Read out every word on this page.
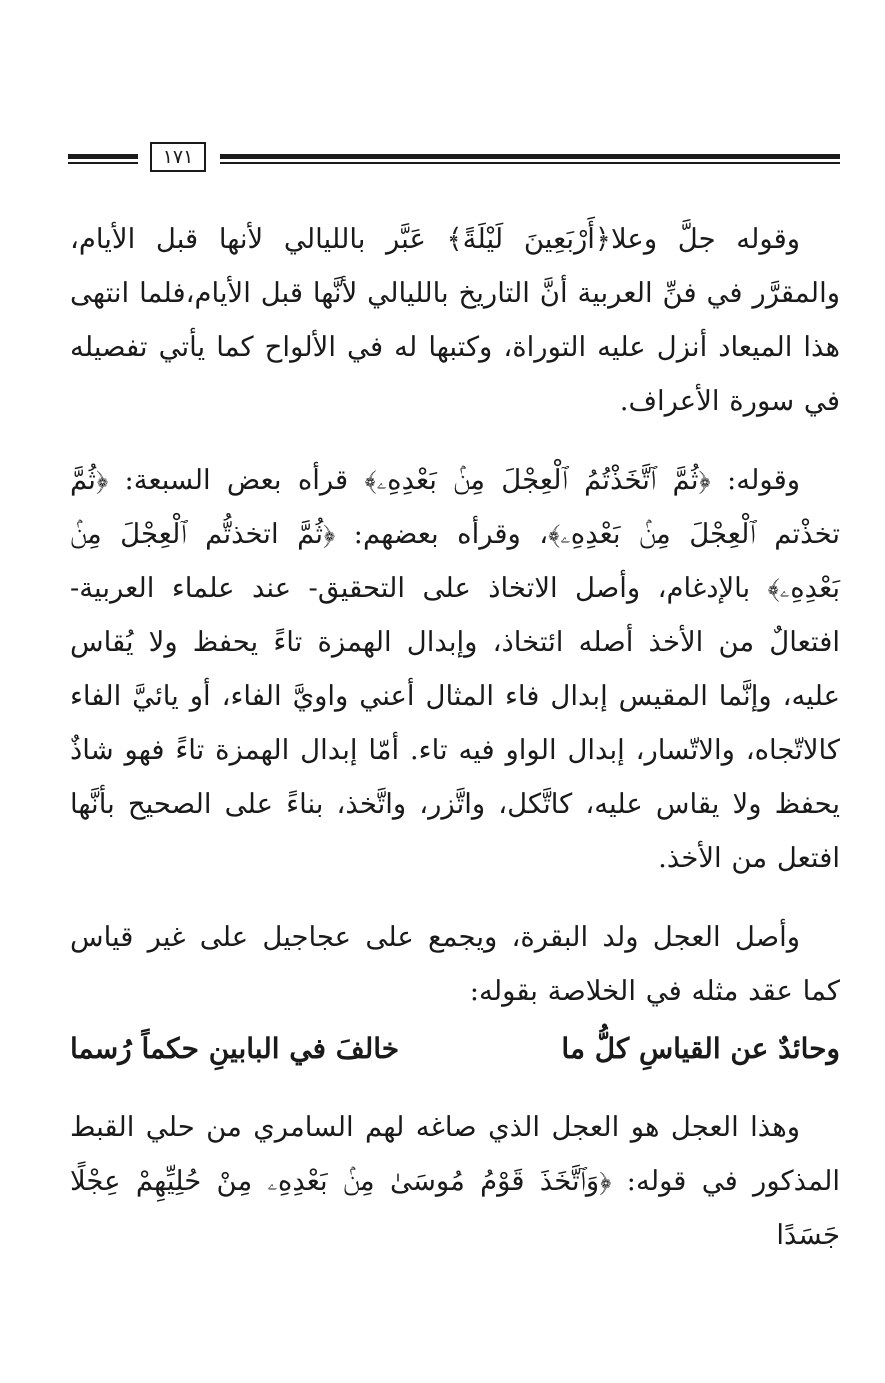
١٧١

وقوله جلَّ وعلا﴿أَرْبَعِينَ لَيْلَةً﴾ عَبَّر بالليالي لأنها قبل الأيام، والمقرَّر في فنِّ العربية أنَّ التاريخ بالليالي لأنَّها قبل الأيام،فلما انتهى هذا الميعاد أنزل عليه التوراة، وكتبها له في الألواح كما يأتي تفصيله في سورة الأعراف.

وقوله: ﴿ثُمَّ ٱتَّخَذْتُمُ ٱلْعِجْلَ مِنۢ بَعْدِهِۦ﴾ قرأه بعض السبعة: ﴿ثُمَّ تخذْتم ٱلْعِجْلَ مِنۢ بَعْدِهِۦ﴾، وقرأه بعضهم: ﴿ثُمَّ اتخذتُّم ٱلْعِجْلَ مِنۢ بَعْدِهِۦ﴾ بالإدغام، وأصل الاتخاذ على التحقيق- عند علماء العربية- افتعالٌ من الأخذ أصله ائتخاذ، وإبدال الهمزة تاءً يحفظ ولا يُقاس عليه، وإنَّما المقيس إبدال فاء المثال أعني واويَّ الفاء، أو يائيَّ الفاء كالاتّجاه، والاتّسار، إبدال الواو فيه تاء. أمّا إبدال الهمزة تاءً فهو شاذٌ يحفظ ولا يقاس عليه، كاتَّكل، واتَّزر، واتَّخذ، بناءً على الصحيح بأنَّها افتعل من الأخذ.

وأصل العجل ولد البقرة، ويجمع على عجاجيل على غير قياس كما عقد مثله في الخلاصة بقوله:

وحائدٌ عن القياسِ كلُّ ما
خالفَ في البابينِ حكماً رُسما

وهذا العجل هو العجل الذي صاغه لهم السامري من حلي القبط المذكور في قوله: ﴿وَٱتَّخَذَ قَوْمُ مُوسَىٰ مِنۢ بَعْدِهِۦ مِنْ حُلِيِّهِمْ عِجْلًا جَسَدًا
